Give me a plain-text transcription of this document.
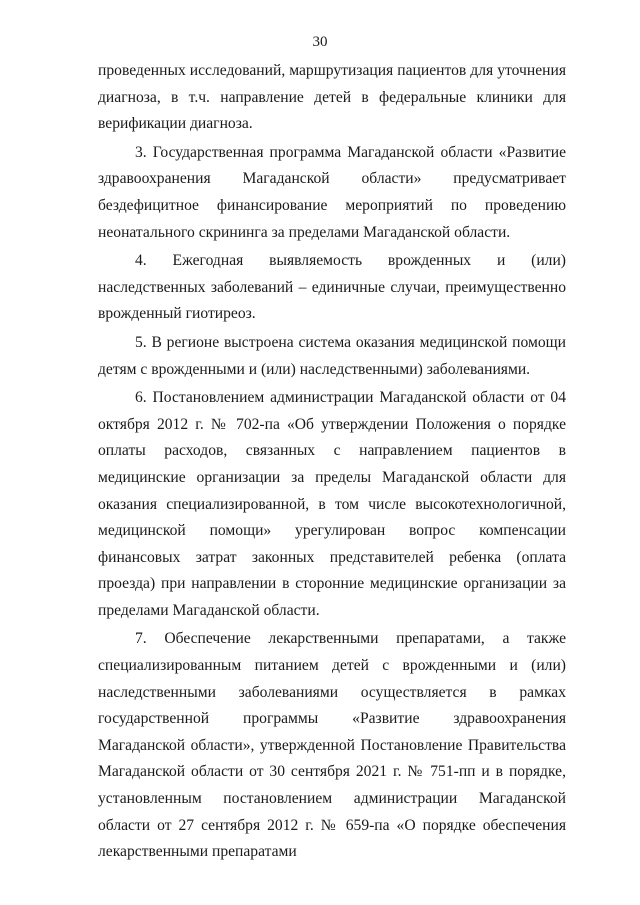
30

проведенных исследований, маршрутизация пациентов для уточнения диагноза, в т.ч. направление детей в федеральные клиники для верификации диагноза.

3. Государственная программа Магаданской области «Развитие здравоохранения Магаданской области» предусматривает бездефицитное финансирование мероприятий по проведению неонатального скрининга за пределами Магаданской области.

4. Ежегодная выявляемость врожденных и (или) наследственных заболеваний – единичные случаи, преимущественно врожденный гиотиреоз.

5. В регионе выстроена система оказания медицинской помощи детям с врожденными и (или) наследственными) заболеваниями.

6. Постановлением администрации Магаданской области от 04 октября 2012 г. № 702-па «Об утверждении Положения о порядке оплаты расходов, связанных с направлением пациентов в медицинские организации за пределы Магаданской области для оказания специализированной, в том числе высокотехнологичной, медицинской помощи» урегулирован вопрос компенсации финансовых затрат законных представителей ребенка (оплата проезда) при направлении в сторонние медицинские организации за пределами Магаданской области.

7. Обеспечение лекарственными препаратами, а также специализированным питанием детей с врожденными и (или) наследственными заболеваниями осуществляется в рамках государственной программы «Развитие здравоохранения Магаданской области», утвержденной Постановление Правительства Магаданской области от 30 сентября 2021 г. № 751-пп и в порядке, установленным постановлением администрации Магаданской области от 27 сентября 2012 г. № 659-па «О порядке обеспечения лекарственными препаратами
